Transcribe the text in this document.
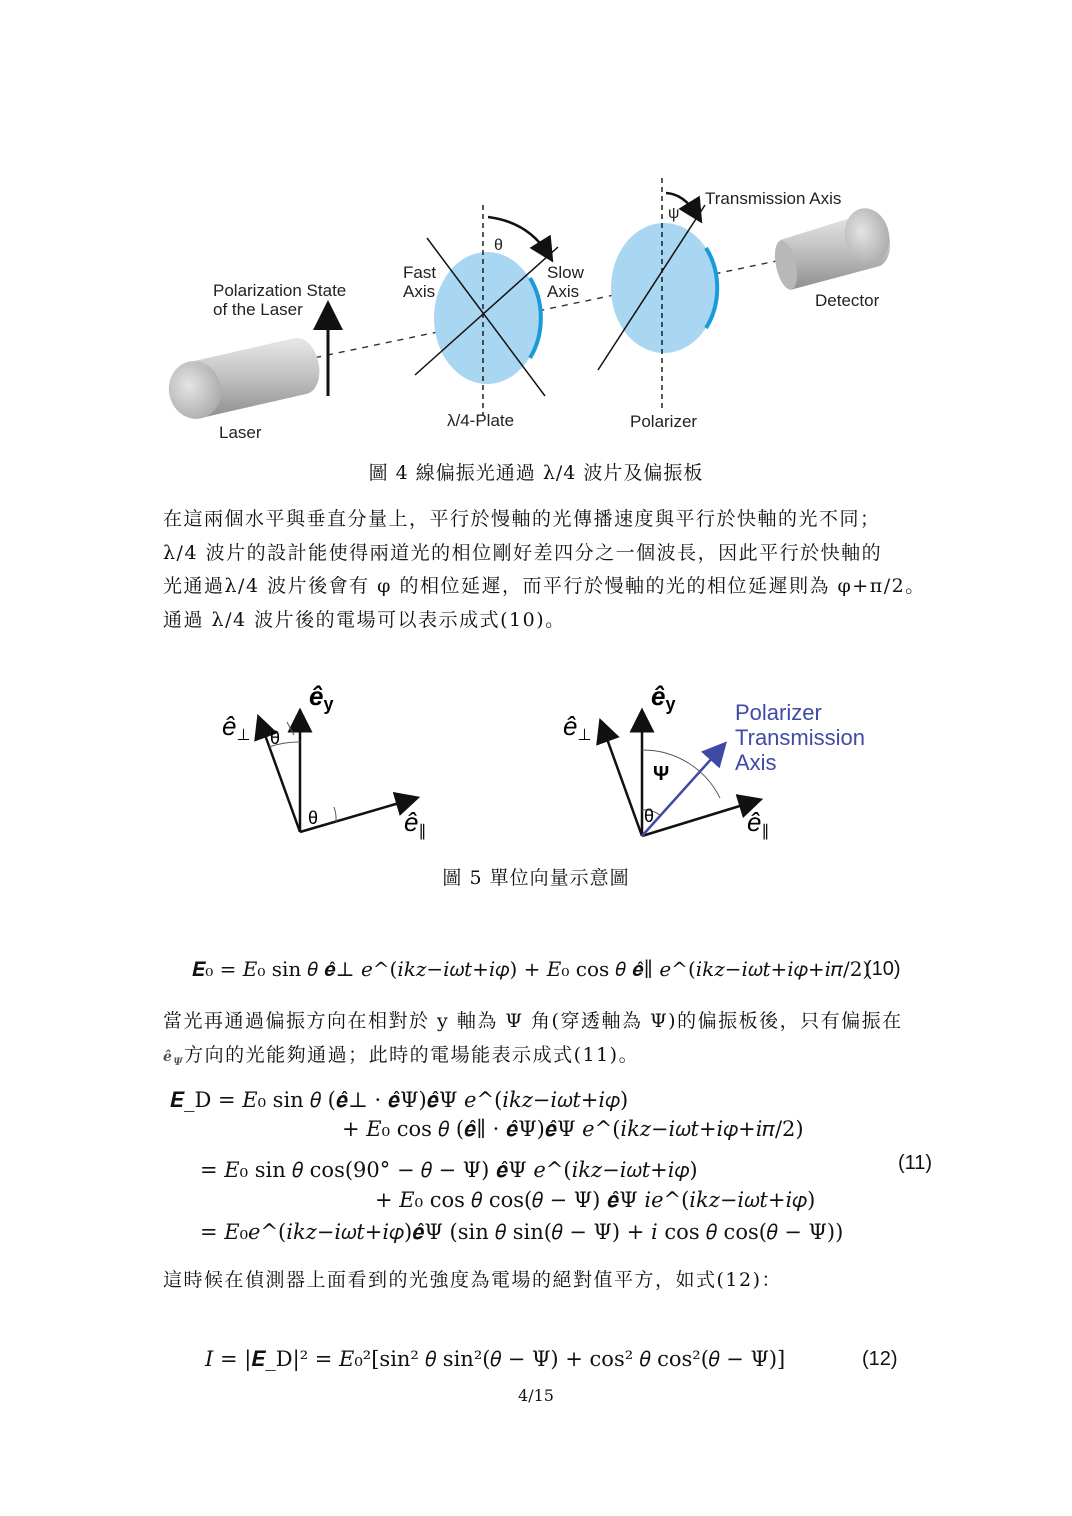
Transmission Axis
ψ
θ
Fast
Axis
Slow
Axis
Polarization State
of the Laser	Detector
Laser
λ/4-Plate	Polarizer
圖 4 線偏振光通過 λ/4 波片及偏振板
在這兩個水平與垂直分量上，平行於慢軸的光傳播速度與平行於快軸的光不同；
λ/4 波片的設計能使得兩道光的相位剛好差四分之一個波長，因此平行於快軸的
光通過λ/4 波片後會有 φ 的相位延遲，而平行於慢軸的光的相位延遲則為 φ+π/2。
通過 λ/4 波片後的電場可以表示成式(10)。
êy
ê⊥
ê∥
θ
θ
êy
ê⊥
ê∥
Ψ
θ
Polarizer
Transmission
Axis
圖 5 單位向量示意圖
𝑬₀ = 𝐸₀ sin 𝜃 𝒆̂⊥ 𝑒^(𝑖𝑘𝑧−𝑖𝜔𝑡+𝑖𝜑) + 𝐸₀ cos 𝜃 𝒆̂∥ 𝑒^(𝑖𝑘𝑧−𝑖𝜔𝑡+𝑖𝜑+𝑖𝜋/2)
(10)
當光再通過偏振方向在相對於 y 軸為 Ψ 角(穿透軸為 Ψ)的偏振板後，只有偏振在
$ê_\Psi$方向的光能夠通過；此時的電場能表示成式(11)。
𝑬_D = 𝐸₀ sin 𝜃 (𝒆̂⊥ · 𝒆̂Ψ)𝒆̂Ψ 𝑒^(𝑖𝑘𝑧−𝑖𝜔𝑡+𝑖𝜑)
+ 𝐸₀ cos 𝜃 (𝒆̂∥ · 𝒆̂Ψ)𝒆̂Ψ 𝑒^(𝑖𝑘𝑧−𝑖𝜔𝑡+𝑖𝜑+𝑖𝜋/2)
= 𝐸₀ sin 𝜃 cos(90° − 𝜃 − Ψ) 𝒆̂Ψ 𝑒^(𝑖𝑘𝑧−𝑖𝜔𝑡+𝑖𝜑)
+ 𝐸₀ cos 𝜃 cos(𝜃 − Ψ) 𝒆̂Ψ 𝑖𝑒^(𝑖𝑘𝑧−𝑖𝜔𝑡+𝑖𝜑)
= 𝐸₀𝑒^(𝑖𝑘𝑧−𝑖𝜔𝑡+𝑖𝜑)𝒆̂Ψ (sin 𝜃 sin(𝜃 − Ψ) + 𝑖 cos 𝜃 cos(𝜃 − Ψ))
(11)
這時候在偵測器上面看到的光強度為電場的絕對值平方，如式(12)：
𝐼 = |𝑬_D|² = 𝐸₀²[sin² 𝜃 sin²(𝜃 − Ψ) + cos² 𝜃 cos²(𝜃 − Ψ)]	(12)
4/15
